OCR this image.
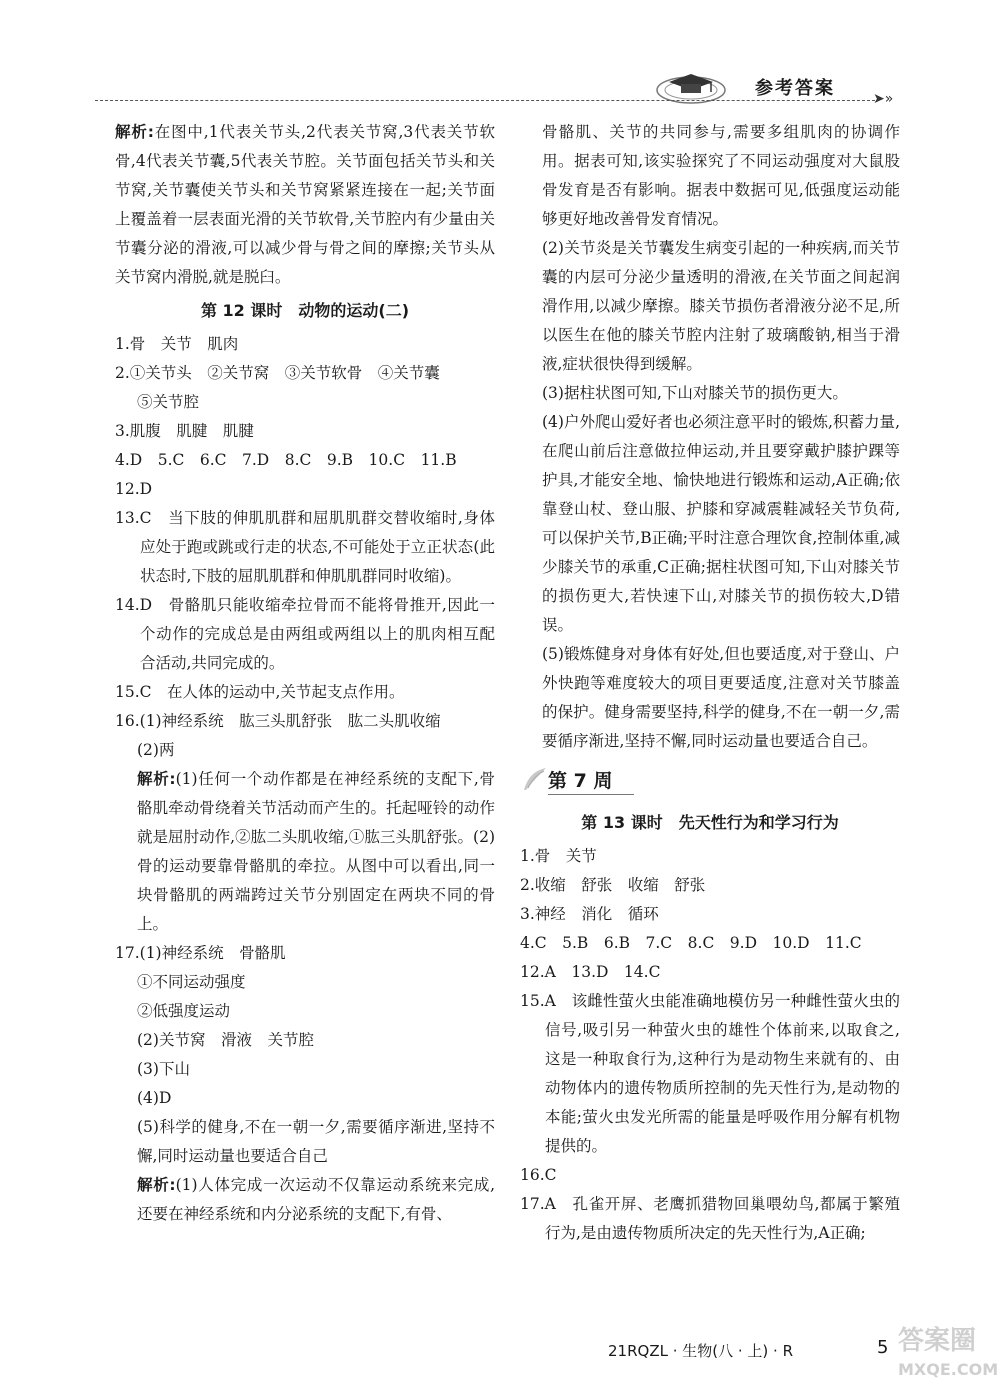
参考答案	➤»
解析:在图中,1代表关节头,2代表关节窝,3代表关节软骨,4代表关节囊,5代表关节腔。关节面包括关节头和关节窝,关节囊使关节头和关节窝紧紧连接在一起;关节面上覆盖着一层表面光滑的关节软骨,关节腔内有少量由关节囊分泌的滑液,可以减少骨与骨之间的摩擦;关节头从关节窝内滑脱,就是脱臼。
第 12 课时　动物的运动(二)
1.骨　关节　肌肉
2.①关节头　②关节窝　③关节软骨　④关节囊
⑤关节腔
3.肌腹　肌腱　肌腱
4.D　5.C　6.C　7.D　8.C　9.B　10.C　11.B
12.D
13.C　当下肢的伸肌肌群和屈肌肌群交替收缩时,身体应处于跑或跳或行走的状态,不可能处于立正状态(此状态时,下肢的屈肌肌群和伸肌肌群同时收缩)。
14.D　骨骼肌只能收缩牵拉骨而不能将骨推开,因此一个动作的完成总是由两组或两组以上的肌肉相互配合活动,共同完成的。
15.C　在人体的运动中,关节起支点作用。
16.(1)神经系统　肱三头肌舒张　肱二头肌收缩
(2)两
解析:(1)任何一个动作都是在神经系统的支配下,骨骼肌牵动骨绕着关节活动而产生的。托起哑铃的动作就是屈肘动作,②肱二头肌收缩,①肱三头肌舒张。(2)骨的运动要靠骨骼肌的牵拉。从图中可以看出,同一块骨骼肌的两端跨过关节分别固定在两块不同的骨上。
17.(1)神经系统　骨骼肌
①不同运动强度
②低强度运动
(2)关节窝　滑液　关节腔
(3)下山
(4)D
(5)科学的健身,不在一朝一夕,需要循序渐进,坚持不懈,同时运动量也要适合自己
解析:(1)人体完成一次运动不仅靠运动系统来完成,还要在神经系统和内分泌系统的支配下,有骨、
骨骼肌、关节的共同参与,需要多组肌肉的协调作用。据表可知,该实验探究了不同运动强度对大鼠股骨发育是否有影响。据表中数据可见,低强度运动能够更好地改善骨发育情况。
(2)关节炎是关节囊发生病变引起的一种疾病,而关节囊的内层可分泌少量透明的滑液,在关节面之间起润滑作用,以减少摩擦。膝关节损伤者滑液分泌不足,所以医生在他的膝关节腔内注射了玻璃酸钠,相当于滑液,症状很快得到缓解。
(3)据柱状图可知,下山对膝关节的损伤更大。
(4)户外爬山爱好者也必须注意平时的锻炼,积蓄力量,在爬山前后注意做拉伸运动,并且要穿戴护膝护踝等护具,才能安全地、愉快地进行锻炼和运动,A正确;依靠登山杖、登山服、护膝和穿减震鞋减轻关节负荷,可以保护关节,B正确;平时注意合理饮食,控制体重,减少膝关节的承重,C正确;据柱状图可知,下山对膝关节的损伤更大,若快速下山,对膝关节的损伤较大,D错误。
(5)锻炼健身对身体有好处,但也要适度,对于登山、户外快跑等难度较大的项目更要适度,注意对关节膝盖的保护。健身需要坚持,科学的健身,不在一朝一夕,需要循序渐进,坚持不懈,同时运动量也要适合自己。
第 7 周
第 13 课时　先天性行为和学习行为
1.骨　关节
2.收缩　舒张　收缩　舒张
3.神经　消化　循环
4.C　5.B　6.B　7.C　8.C　9.D　10.D　11.C
12.A　13.D　14.C
15.A　该雌性萤火虫能准确地模仿另一种雌性萤火虫的信号,吸引另一种萤火虫的雄性个体前来,以取食之,这是一种取食行为,这种行为是动物生来就有的、由动物体内的遗传物质所控制的先天性行为,是动物的本能;萤火虫发光所需的能量是呼吸作用分解有机物提供的。
16.C
17.A　孔雀开屏、老鹰抓猎物回巢喂幼鸟,都属于繁殖行为,是由遗传物质所决定的先天性行为,A正确;
21RQZL · 生物(八 · 上) · R	5 答案圈
MXQE.COM
